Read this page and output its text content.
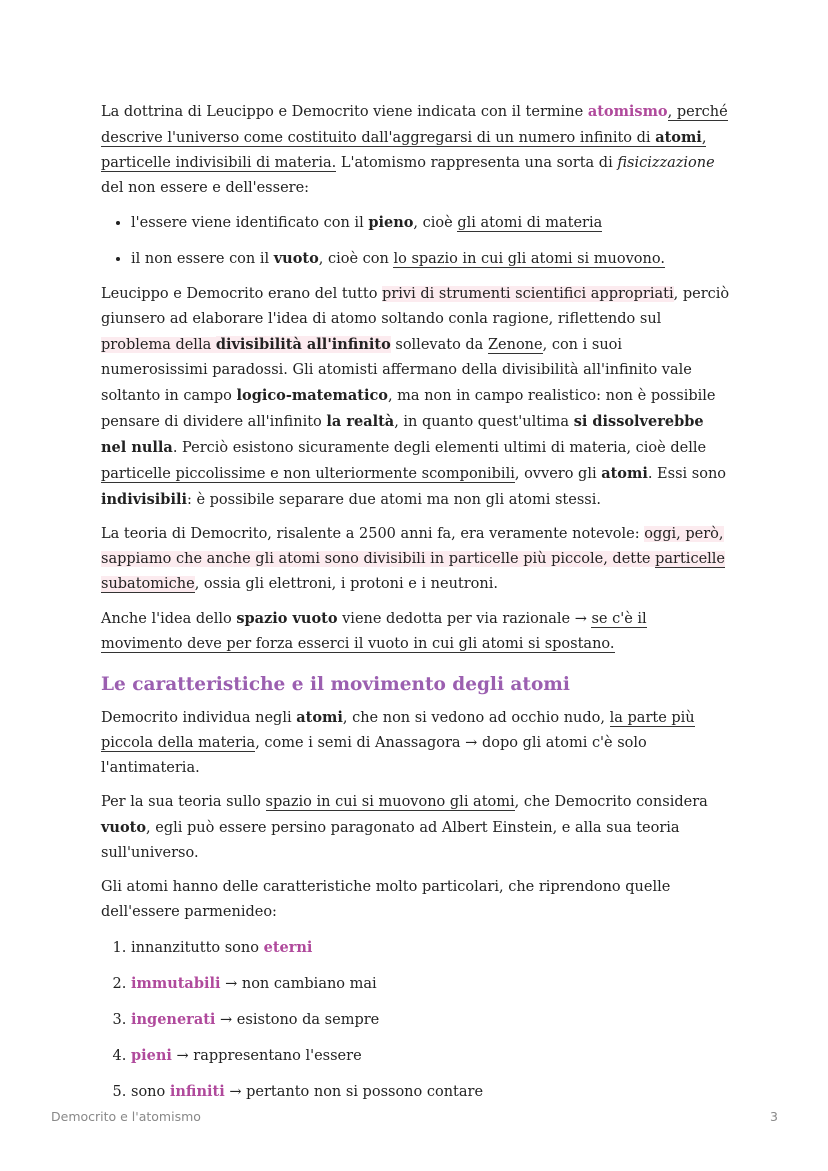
La dottrina di Leucippo e Democrito viene indicata con il termine atomismo, perché descrive l'universo come costituito dall'aggregarsi di un numero infinito di atomi, particelle indivisibili di materia. L'atomismo rappresenta una sorta di fisicizzazione del non essere e dell'essere:

• l'essere viene identificato con il pieno, cioè gli atomi di materia
• il non essere con il vuoto, cioè con lo spazio in cui gli atomi si muovono.

Leucippo e Democrito erano del tutto privi di strumenti scientifici appropriati, perciò giunsero ad elaborare l'idea di atomo soltando conla ragione, riflettendo sul problema della divisibilità all'infinito sollevato da Zenone, con i suoi numerosissimi paradossi. Gli atomisti affermano della divisibilità all'infinito vale soltanto in campo logico-matematico, ma non in campo realistico: non è possibile pensare di dividere all'infinito la realtà, in quanto quest'ultima si dissolverebbe nel nulla. Perciò esistono sicuramente degli elementi ultimi di materia, cioè delle particelle piccolissime e non ulteriormente scomponibili, ovvero gli atomi. Essi sono indivisibili: è possibile separare due atomi ma non gli atomi stessi.

La teoria di Democrito, risalente a 2500 anni fa, era veramente notevole: oggi, però, sappiamo che anche gli atomi sono divisibili in particelle più piccole, dette particelle subatomiche, ossia gli elettroni, i protoni e i neutroni.

Anche l'idea dello spazio vuoto viene dedotta per via razionale → se c'è il movimento deve per forza esserci il vuoto in cui gli atomi si spostano.

Le caratteristiche e il movimento degli atomi

Democrito individua negli atomi, che non si vedono ad occhio nudo, la parte più piccola della materia, come i semi di Anassagora → dopo gli atomi c'è solo l'antimateria.

Per la sua teoria sullo spazio in cui si muovono gli atomi, che Democrito considera vuoto, egli può essere persino paragonato ad Albert Einstein, e alla sua teoria sull'universo.

Gli atomi hanno delle caratteristiche molto particolari, che riprendono quelle dell'essere parmenideo:

1. innanzitutto sono eterni
2. immutabili → non cambiano mai
3. ingenerati → esistono da sempre
4. pieni → rappresentano l'essere
5. sono infiniti → pertanto non si possono contare
Democrito e l'atomismo	3
